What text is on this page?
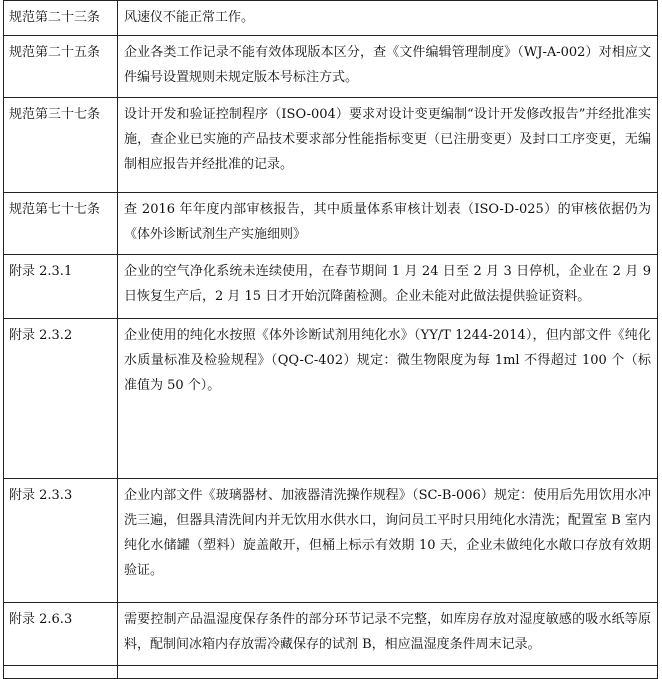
规范第二十三条	风速仪不能正常工作。
规范第二十五条	企业各类工作记录不能有效体现版本区分，查《文件编辑管理制度》（WJ-A-002）对相应文件编号设置规则未规定版本号标注方式。
规范第三十七条	设计开发和验证控制程序（ISO-004）要求对设计变更编制“设计开发修改报告”并经批准实施，查企业已实施的产品技术要求部分性能指标变更（已注册变更）及封口工序变更，无编制相应报告并经批准的记录。
规范第七十七条	查 2016 年年度内部审核报告，其中质量体系审核计划表（ISO-D-025）的审核依据仍为《体外诊断试剂生产实施细则》
附录 2.3.1	企业的空气净化系统未连续使用，在春节期间 1 月 24 日至 2 月 3 日停机，企业在 2 月 9 日恢复生产后，2 月 15 日才开始沉降菌检测。企业未能对此做法提供验证资料。
附录 2.3.2	企业使用的纯化水按照《体外诊断试剂用纯化水》（YY/T 1244-2014），但内部文件《纯化水质量标准及检验规程》（QQ-C-402）规定：微生物限度为每 1ml 不得超过 100 个（标准值为 50 个）。
附录 2.3.3	企业内部文件《玻璃器材、加液器清洗操作规程》（SC-B-006）规定：使用后先用饮用水冲洗三遍，但器具清洗间内并无饮用水供水口，询问员工平时只用纯化水清洗；配置室 B 室内纯化水储罐（塑料）旋盖敞开，但桶上标示有效期 10 天，企业未做纯化水敞口存放有效期验证。
附录 2.6.3	需要控制产品温湿度保存条件的部分环节记录不完整，如库房存放对湿度敏感的吸水纸等原料，配制间冰箱内存放需冷藏保存的试剂 B，相应温湿度条件周末记录。
